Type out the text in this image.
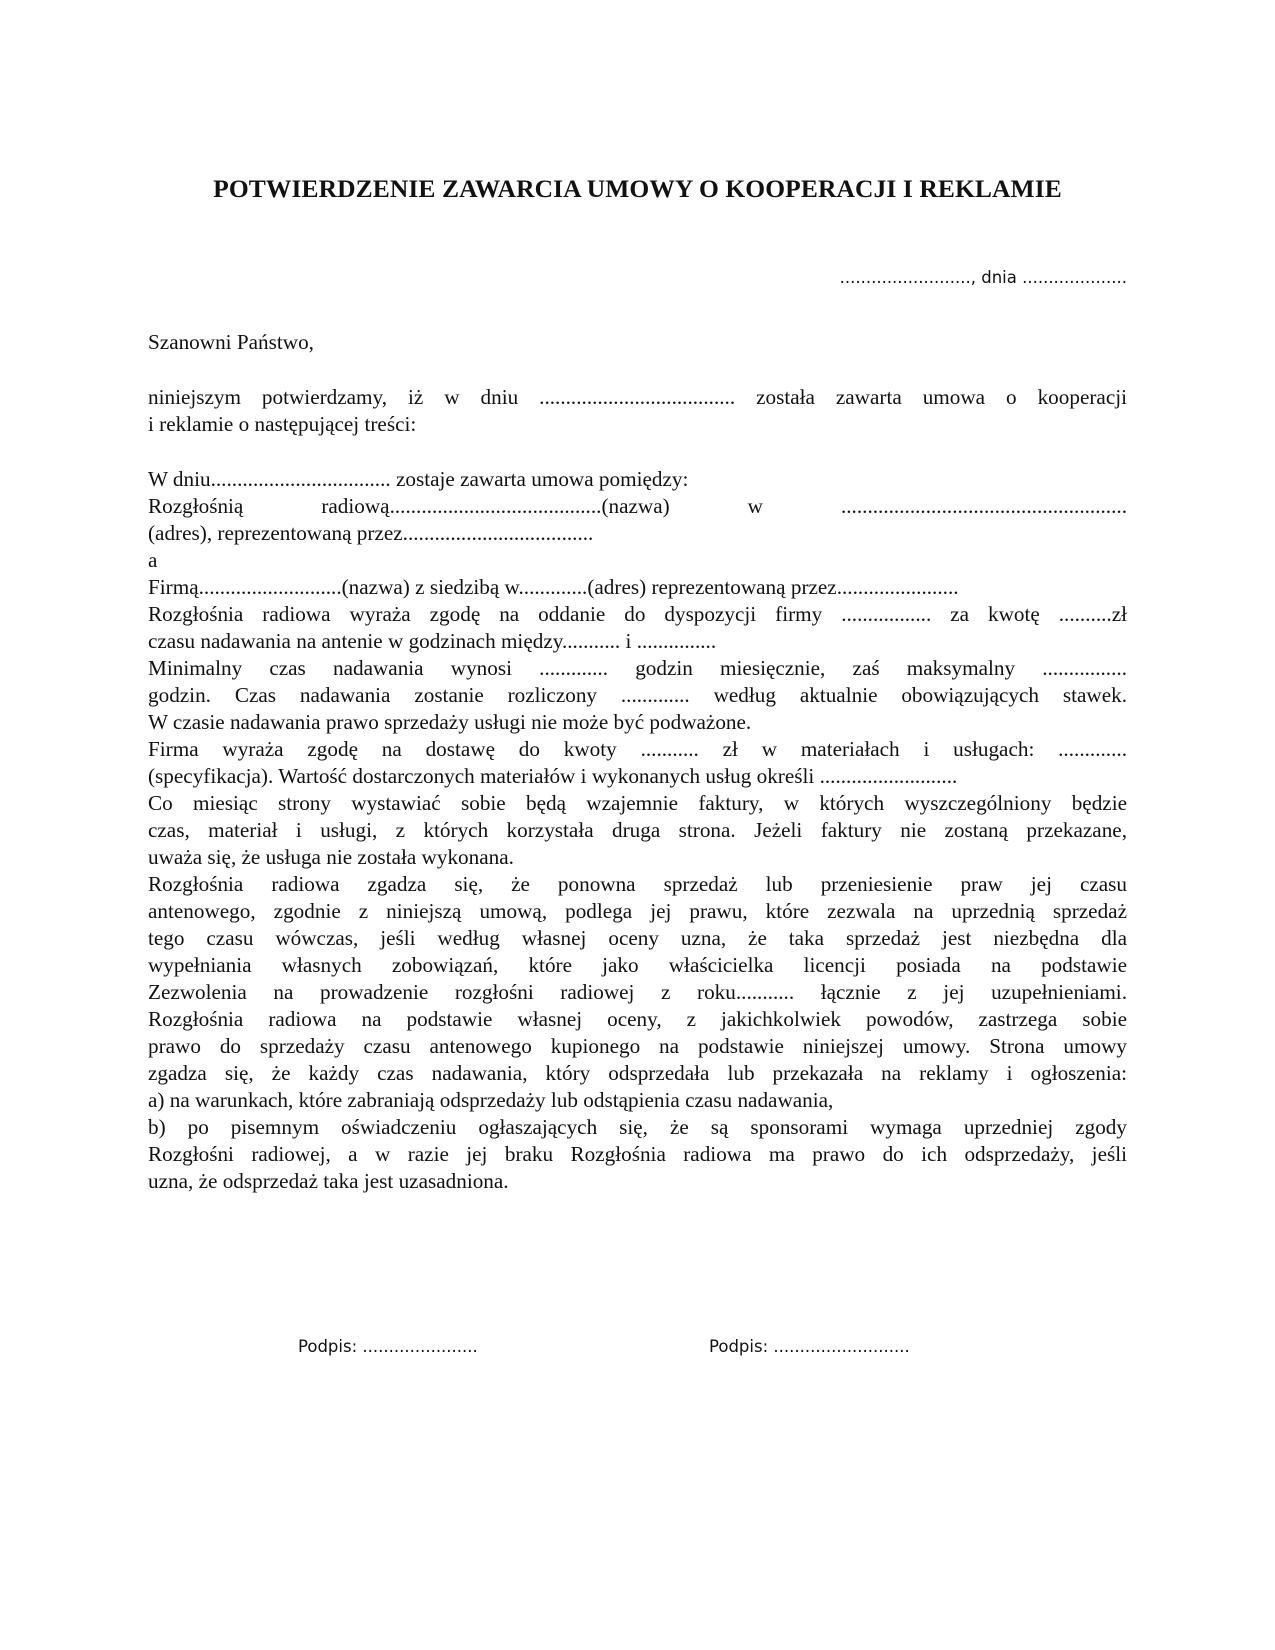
POTWIERDZENIE ZAWARCIA UMOWY O KOOPERACJI I REKLAMIE
........................., dnia ....................
Szanowni Państwo,
niniejszym potwierdzamy, iż w dniu ..................................... została zawarta umowa o kooperacji
i reklamie o następującej treści:
W dniu.................................. zostaje zawarta umowa pomiędzy:
Rozgłośnią radiową........................................(nazwa) w ......................................................
(adres), reprezentowaną przez....................................
a
Firmą...........................(nazwa) z siedzibą w.............(adres) reprezentowaną przez.......................
Rozgłośnia radiowa wyraża zgodę na oddanie do dyspozycji firmy ................. za kwotę ..........zł
czasu nadawania na antenie w godzinach między........... i ...............
Minimalny czas nadawania wynosi ............. godzin miesięcznie, zaś maksymalny ................
godzin. Czas nadawania zostanie rozliczony ............. według aktualnie obowiązujących stawek.
W czasie nadawania prawo sprzedaży usługi nie może być podważone.
Firma wyraża zgodę na dostawę do kwoty ........... zł w materiałach i usługach: .............
(specyfikacja). Wartość dostarczonych materiałów i wykonanych usług określi ..........................
Co miesiąc strony wystawiać sobie będą wzajemnie faktury, w których wyszczególniony będzie
czas, materiał i usługi, z których korzystała druga strona. Jeżeli faktury nie zostaną przekazane,
uważa się, że usługa nie została wykonana.
Rozgłośnia radiowa zgadza się, że ponowna sprzedaż lub przeniesienie praw jej czasu
antenowego, zgodnie z niniejszą umową, podlega jej prawu, które zezwala na uprzednią sprzedaż
tego czasu wówczas, jeśli według własnej oceny uzna, że taka sprzedaż jest niezbędna dla
wypełniania własnych zobowiązań, które jako właścicielka licencji posiada na podstawie
Zezwolenia na prowadzenie rozgłośni radiowej z roku........... łącznie z jej uzupełnieniami.
Rozgłośnia radiowa na podstawie własnej oceny, z jakichkolwiek powodów, zastrzega sobie
prawo do sprzedaży czasu antenowego kupionego na podstawie niniejszej umowy. Strona umowy
zgadza się, że każdy czas nadawania, który odsprzedała lub przekazała na reklamy i ogłoszenia:
a) na warunkach, które zabraniają odsprzedaży lub odstąpienia czasu nadawania,
b) po pisemnym oświadczeniu ogłaszających się, że są sponsorami wymaga uprzedniej zgody
Rozgłośni radiowej, a w razie jej braku Rozgłośnia radiowa ma prawo do ich odsprzedaży, jeśli
uzna, że odsprzedaż taka jest uzasadniona.
Podpis: ......................	Podpis: ..........................
